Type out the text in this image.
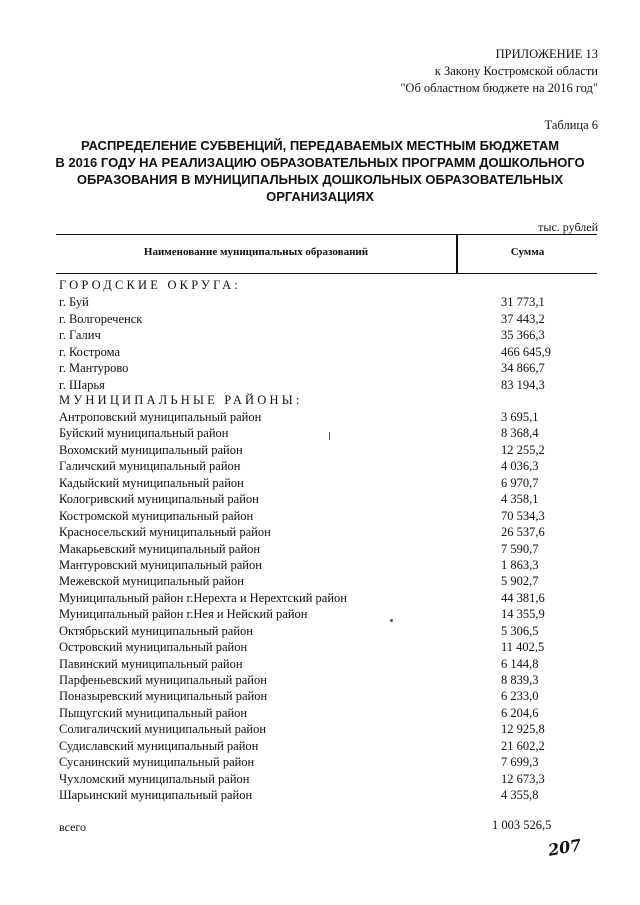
ПРИЛОЖЕНИЕ 13
к Закону Костромской области
"Об областном бюджете на 2016 год"
Таблица 6
РАСПРЕДЕЛЕНИЕ СУБВЕНЦИЙ, ПЕРЕДАВАЕМЫХ МЕСТНЫМ БЮДЖЕТАМ
В 2016 ГОДУ НА РЕАЛИЗАЦИЮ ОБРАЗОВАТЕЛЬНЫХ ПРОГРАММ ДОШКОЛЬНОГО
ОБРАЗОВАНИЯ В МУНИЦИПАЛЬНЫХ ДОШКОЛЬНЫХ ОБРАЗОВАТЕЛЬНЫХ
ОРГАНИЗАЦИЯХ
тыс. рублей
Наименование муниципальных образований	Сумма
ГОРОДСКИЕ ОКРУГА:
г. Буй	31 773,1
г. Волгореченск	37 443,2
г. Галич	35 366,3
г. Кострома	466 645,9
г. Мантурово	34 866,7
г. Шарья	83 194,3
МУНИЦИПАЛЬНЫЕ РАЙОНЫ:
Антроповский муниципальный район	3 695,1
Буйский муниципальный район	8 368,4
Вохомский муниципальный район	12 255,2
Галичский муниципальный район	4 036,3
Кадыйский муниципальный район	6 970,7
Кологривский муниципальный район	4 358,1
Костромской муниципальный район	70 534,3
Красносельский муниципальный район	26 537,6
Макарьевский муниципальный район	7 590,7
Мантуровский муниципальный район	1 863,3
Межевской муниципальный район	5 902,7
Муниципальный район г.Нерехта и Нерехтский район	44 381,6
Муниципальный район г.Нея и Нейский район	14 355,9
Октябрьский муниципальный район	5 306,5
Островский муниципальный район	11 402,5
Павинский муниципальный район	6 144,8
Парфеньевский муниципальный район	8 839,3
Поназыревский муниципальный район	6 233,0
Пыщугский муниципальный район	6 204,6
Солигаличский муниципальный район	12 925,8
Судиславский муниципальный район	21 602,2
Сусанинский муниципальный район	7 699,3
Чухломский муниципальный район	12 673,3
Шарьинский муниципальный район	4 355,8
всего	1 003 526,5
207
